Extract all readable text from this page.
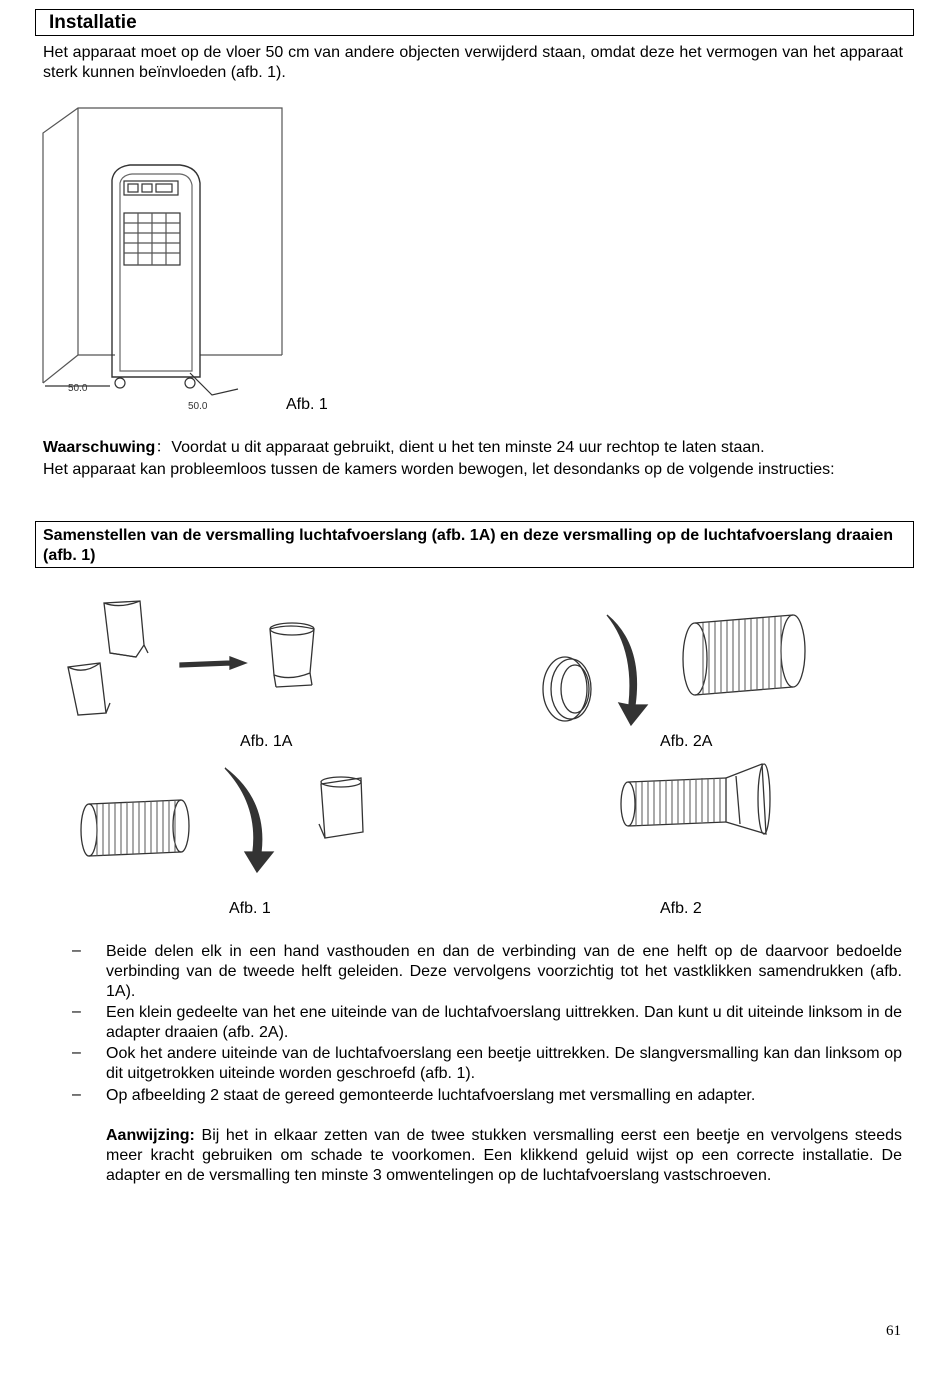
Installatie
Het apparaat moet op de vloer 50 cm van andere objecten verwijderd staan, omdat deze het vermogen van het apparaat sterk kunnen beïnvloeden (afb. 1).
50.0
50.0	Afb. 1
Waarschuwing：Voordat u dit apparaat gebruikt, dient u het ten minste 24 uur rechtop te laten staan.
Het apparaat kan probleemloos tussen de kamers worden bewogen, let desondanks op de volgende instructies:
Samenstellen van de versmalling luchtafvoerslang (afb. 1A) en deze versmalling op de luchtafvoerslang draaien (afb. 1)
Afb. 1A	Afb. 2A
Afb. 1	Afb. 2
– Beide delen elk in een hand vasthouden en dan de verbinding van de ene helft op de daarvoor bedoelde verbinding van de tweede helft geleiden. Deze vervolgens voorzichtig tot het vastklikken samendrukken (afb. 1A).
– Een klein gedeelte van het ene uiteinde van de luchtafvoerslang uittrekken. Dan kunt u dit uiteinde linksom in de adapter draaien (afb. 2A).
– Ook het andere uiteinde van de luchtafvoerslang een beetje uittrekken. De slangversmalling kan dan linksom op dit uitgetrokken uiteinde worden geschroefd (afb. 1).
– Op afbeelding 2 staat de gereed gemonteerde luchtafvoerslang met versmalling en adapter.
Aanwijzing: Bij het in elkaar zetten van de twee stukken versmalling eerst een beetje en vervolgens steeds meer kracht gebruiken om schade te voorkomen. Een klikkend geluid wijst op een correcte installatie. De adapter en de versmalling ten minste 3 omwentelingen op de luchtafvoerslang vastschroeven.
61
